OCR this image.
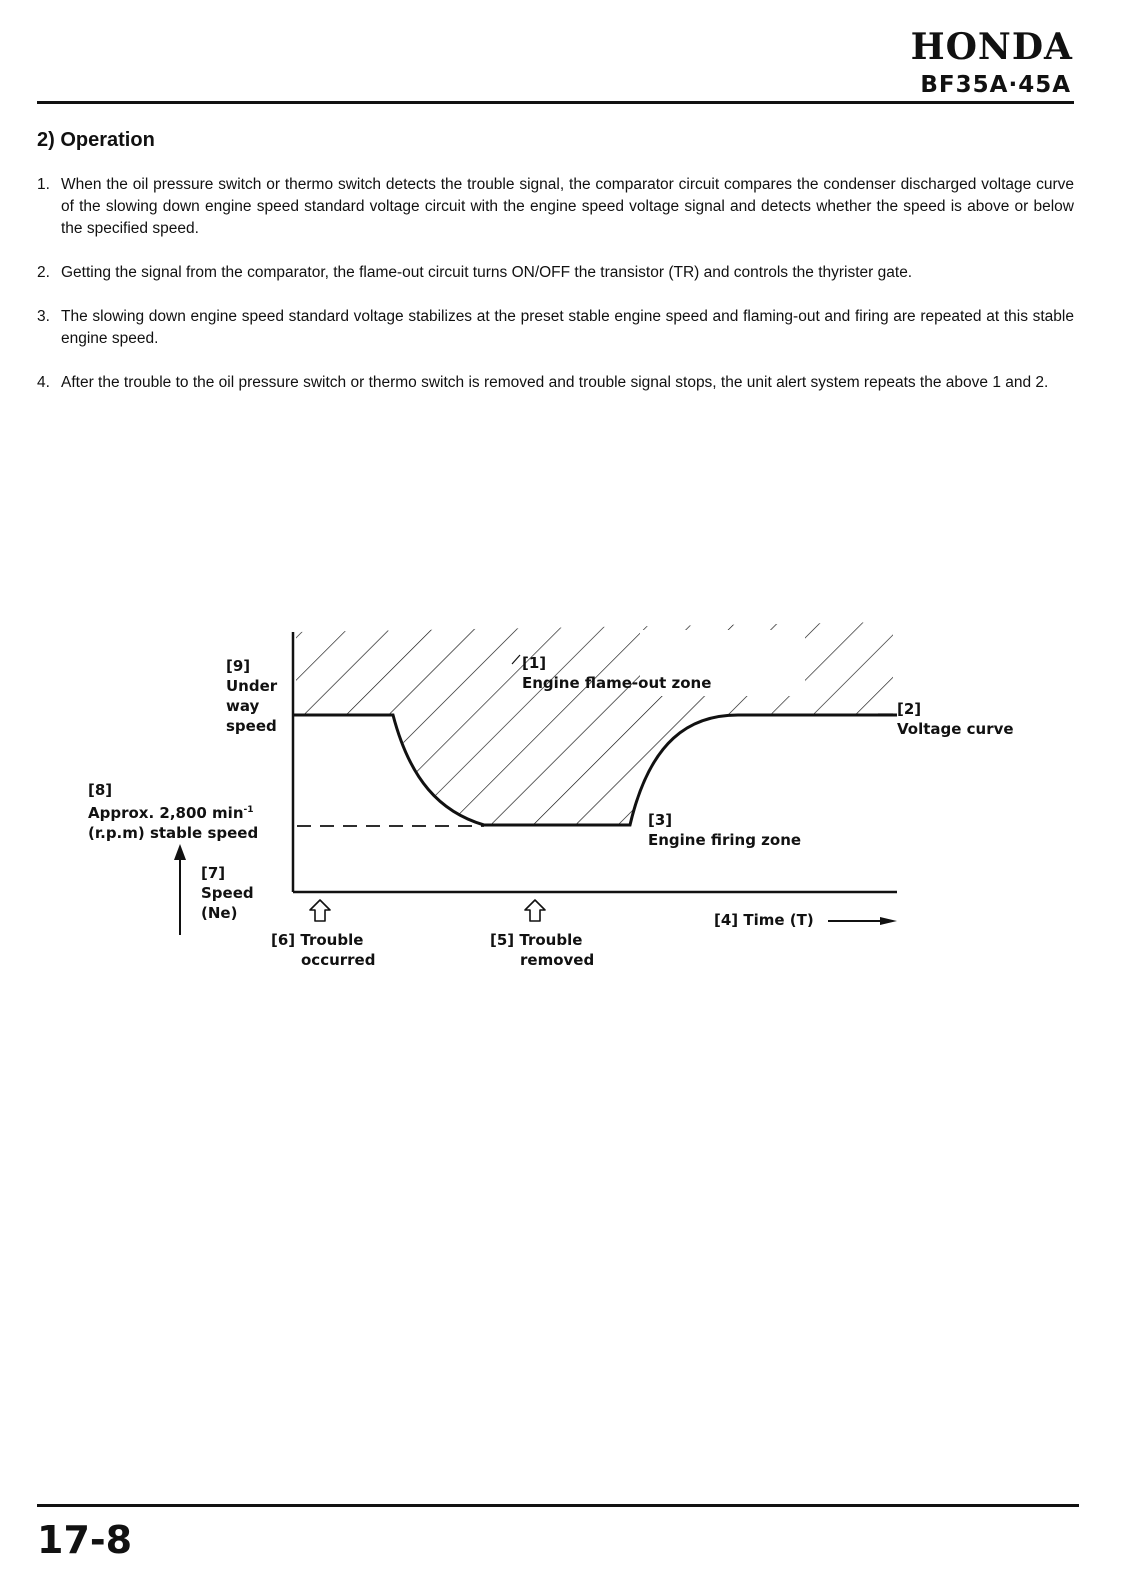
HONDA
BF35A·45A
2) Operation
1. When the oil pressure switch or thermo switch detects the trouble signal, the comparator circuit compares the condenser discharged voltage curve of the slowing down engine speed standard voltage circuit with the engine speed voltage signal and detects whether the speed is above or below the specified speed.
2. Getting the signal from the comparator, the flame-out circuit turns ON/OFF the transistor (TR) and controls the thyrister gate.
3. The slowing down engine speed standard voltage stabilizes at the preset stable engine speed and flaming-out and firing are repeated at this stable engine speed.
4. After the trouble to the oil pressure switch or thermo switch is removed and trouble signal stops, the unit alert system repeats the above 1 and 2.
[9]
Under
way
speed
[1]
Engine flame-out zone
[2]
Voltage curve
[8]
Approx. 2,800 $\min^{-1}$
(r.p.m) stable speed
[3]
Engine firing zone
[7]
Speed
(Ne)
[6] Trouble
occurred
[5] Trouble
removed
[4] Time (T)
17-8
